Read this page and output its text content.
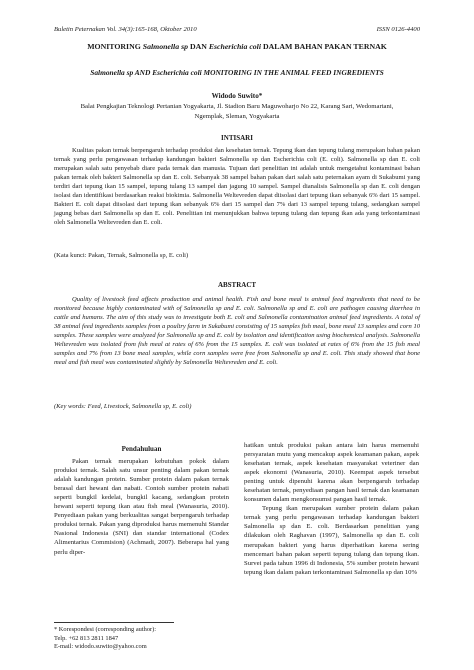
Buletin Peternakan Vol. 34(3):165-168, Oktober 2010	ISSN 0126-4400
MONITORING Salmonella sp DAN Escherichia coli DALAM BAHAN PAKAN TERNAK
Salmonella sp AND Escherichia coli MONITORING IN THE ANIMAL FEED INGREDIENTS
Widodo Suwito*
Balai Pengkajian Teknologi Pertanian Yogyakarta, Jl. Stadion Baru Maguwoharjo No 22, Karang Sari, Wedomartani,
Ngemplak, Sleman, Yogyakarta
INTISARI
Kualitas pakan ternak berpengaruh terhadap produksi dan kesehatan ternak. Tepung ikan dan tepung tulang merupakan bahan pakan ternak yang perlu pengawasan terhadap kandungan bakteri Salmonella sp dan Escherichia coli (E. coli). Salmonella sp dan E. coli merupakan salah satu penyebab diare pada ternak dan manusia. Tujuan dari penelitian ini adalah untuk mengetahui kontaminasi bahan pakan ternak oleh bakteri Salmonella sp dan E. coli. Sebanyak 38 sampel bahan pakan dari salah satu peternakan ayam di Sukabumi yang terdiri dari tepung ikan 15 sampel, tepung tulang 13 sampel dan jagung 10 sampel. Sampel dianalisis Salmonella sp dan E. coli dengan isolasi dan identifikasi berdasarkan reaksi biokimia. Salmonella Weltevreden dapat diisolasi dari tepung ikan sebanyak 6% dari 15 sampel. Bakteri E. coli dapat diisolasi dari tepung ikan sebanyak 6% dari 15 sampel dan 7% dari 13 sampel tepung tulang, sedangkan sampel jagung bebas dari Salmonella sp dan E. coli. Penelitian ini menunjukkan bahwa tepung tulang dan tepung ikan ada yang terkontaminasi oleh Salmonella Weltevreden dan E. coli.
(Kata kunci: Pakan, Ternak, Salmonella sp, E. coli)
ABSTRACT
Quality of livestock feed affects production and animal health. Fish and bone meal is animal feed ingredients that need to be monitored because highly contaminated with of Salmonella sp and E. coli. Salmonella sp and E. coli are pathogen causing diarrhea in cattle and humans. The aim of this study was to investigate both E. coli and Salmonella contamination animal feed ingredients. A total of 38 animal feed ingredients samples from a poultry farm in Sukabumi consisting of 15 samples fish meal, bone meal 13 samples and corn 10 samples. These samples were analyzed for Salmonella sp and E. coli by isolation and identification using biochemical analysis. Salmonella Weltevreden was isolated from fish meal at rates of 6% from the 15 samples. E. coli was isolated at rates of 6% from the 15 fish meal samples and 7% from 13 bone meal samples, while corn samples were free from Salmonella sp and E. coli. This study showed that bone meal and fish meal was contaminated slightly by Salmonella Weltevreden and E. coli.
(Key words: Feed, Livestock, Salmonella sp, E. coli)
Pendahuluan
Pakan ternak merupakan kebutuhan pokok dalam produksi ternak. Salah satu unsur penting dalam pakan ternak adalah kandungan protein. Sumber protein dalam pakan ternak berasal dari hewani dan nabati. Contoh sumber protein nabati seperti bungkil kedelai, bungkil kacang, sedangkan protein hewani seperti tepung ikan atau fish meal (Wanasuria, 2010). Penyediaan pakan yang berkualitas sangat berpengaruh terhadap produksi ternak. Pakan yang diproduksi harus memenuhi Standar Nasional Indonesia (SNI) dan standar international (Codex Alimentarius Commision) (Achmadi, 2007). Beberapa hal yang perlu diper-
hatikan untuk produksi pakan antara lain harus memenuhi persyaratan mutu yang mencakup aspek keamanan pakan, aspek kesehatan ternak, aspek kesehatan masyarakat veteriner dan aspek ekonomi (Wanasuria, 2010). Keempat aspek tersebut penting untuk dipenuhi karena akan berpengaruh terhadap kesehatan ternak, penyediaan pangan hasil ternak dan keamanan konsumen dalam mengkonsumsi pangan hasil ternak.
Tepung ikan merupakan sumber protein dalam pakan ternak yang perlu pengawasan terhadap kandungan bakteri Salmonella sp dan E. coli. Berdasarkan penelitian yang dilakukan oleh Raghavan (1997), Salmonella sp dan E. coli merupakan bakteri yang harus diperhatikan karena sering mencemari bahan pakan seperti tepung tulang dan tepung ikan. Survei pada tahun 1996 di Indonesia, 5% sumber protein hewani tepung ikan dalam pakan terkontaminasi Salmonella sp dan 10%
* Korespondesi (corresponding author):
Telp. +62 813 2811 1847
E-mail: widodo.suwito@yahoo.com
